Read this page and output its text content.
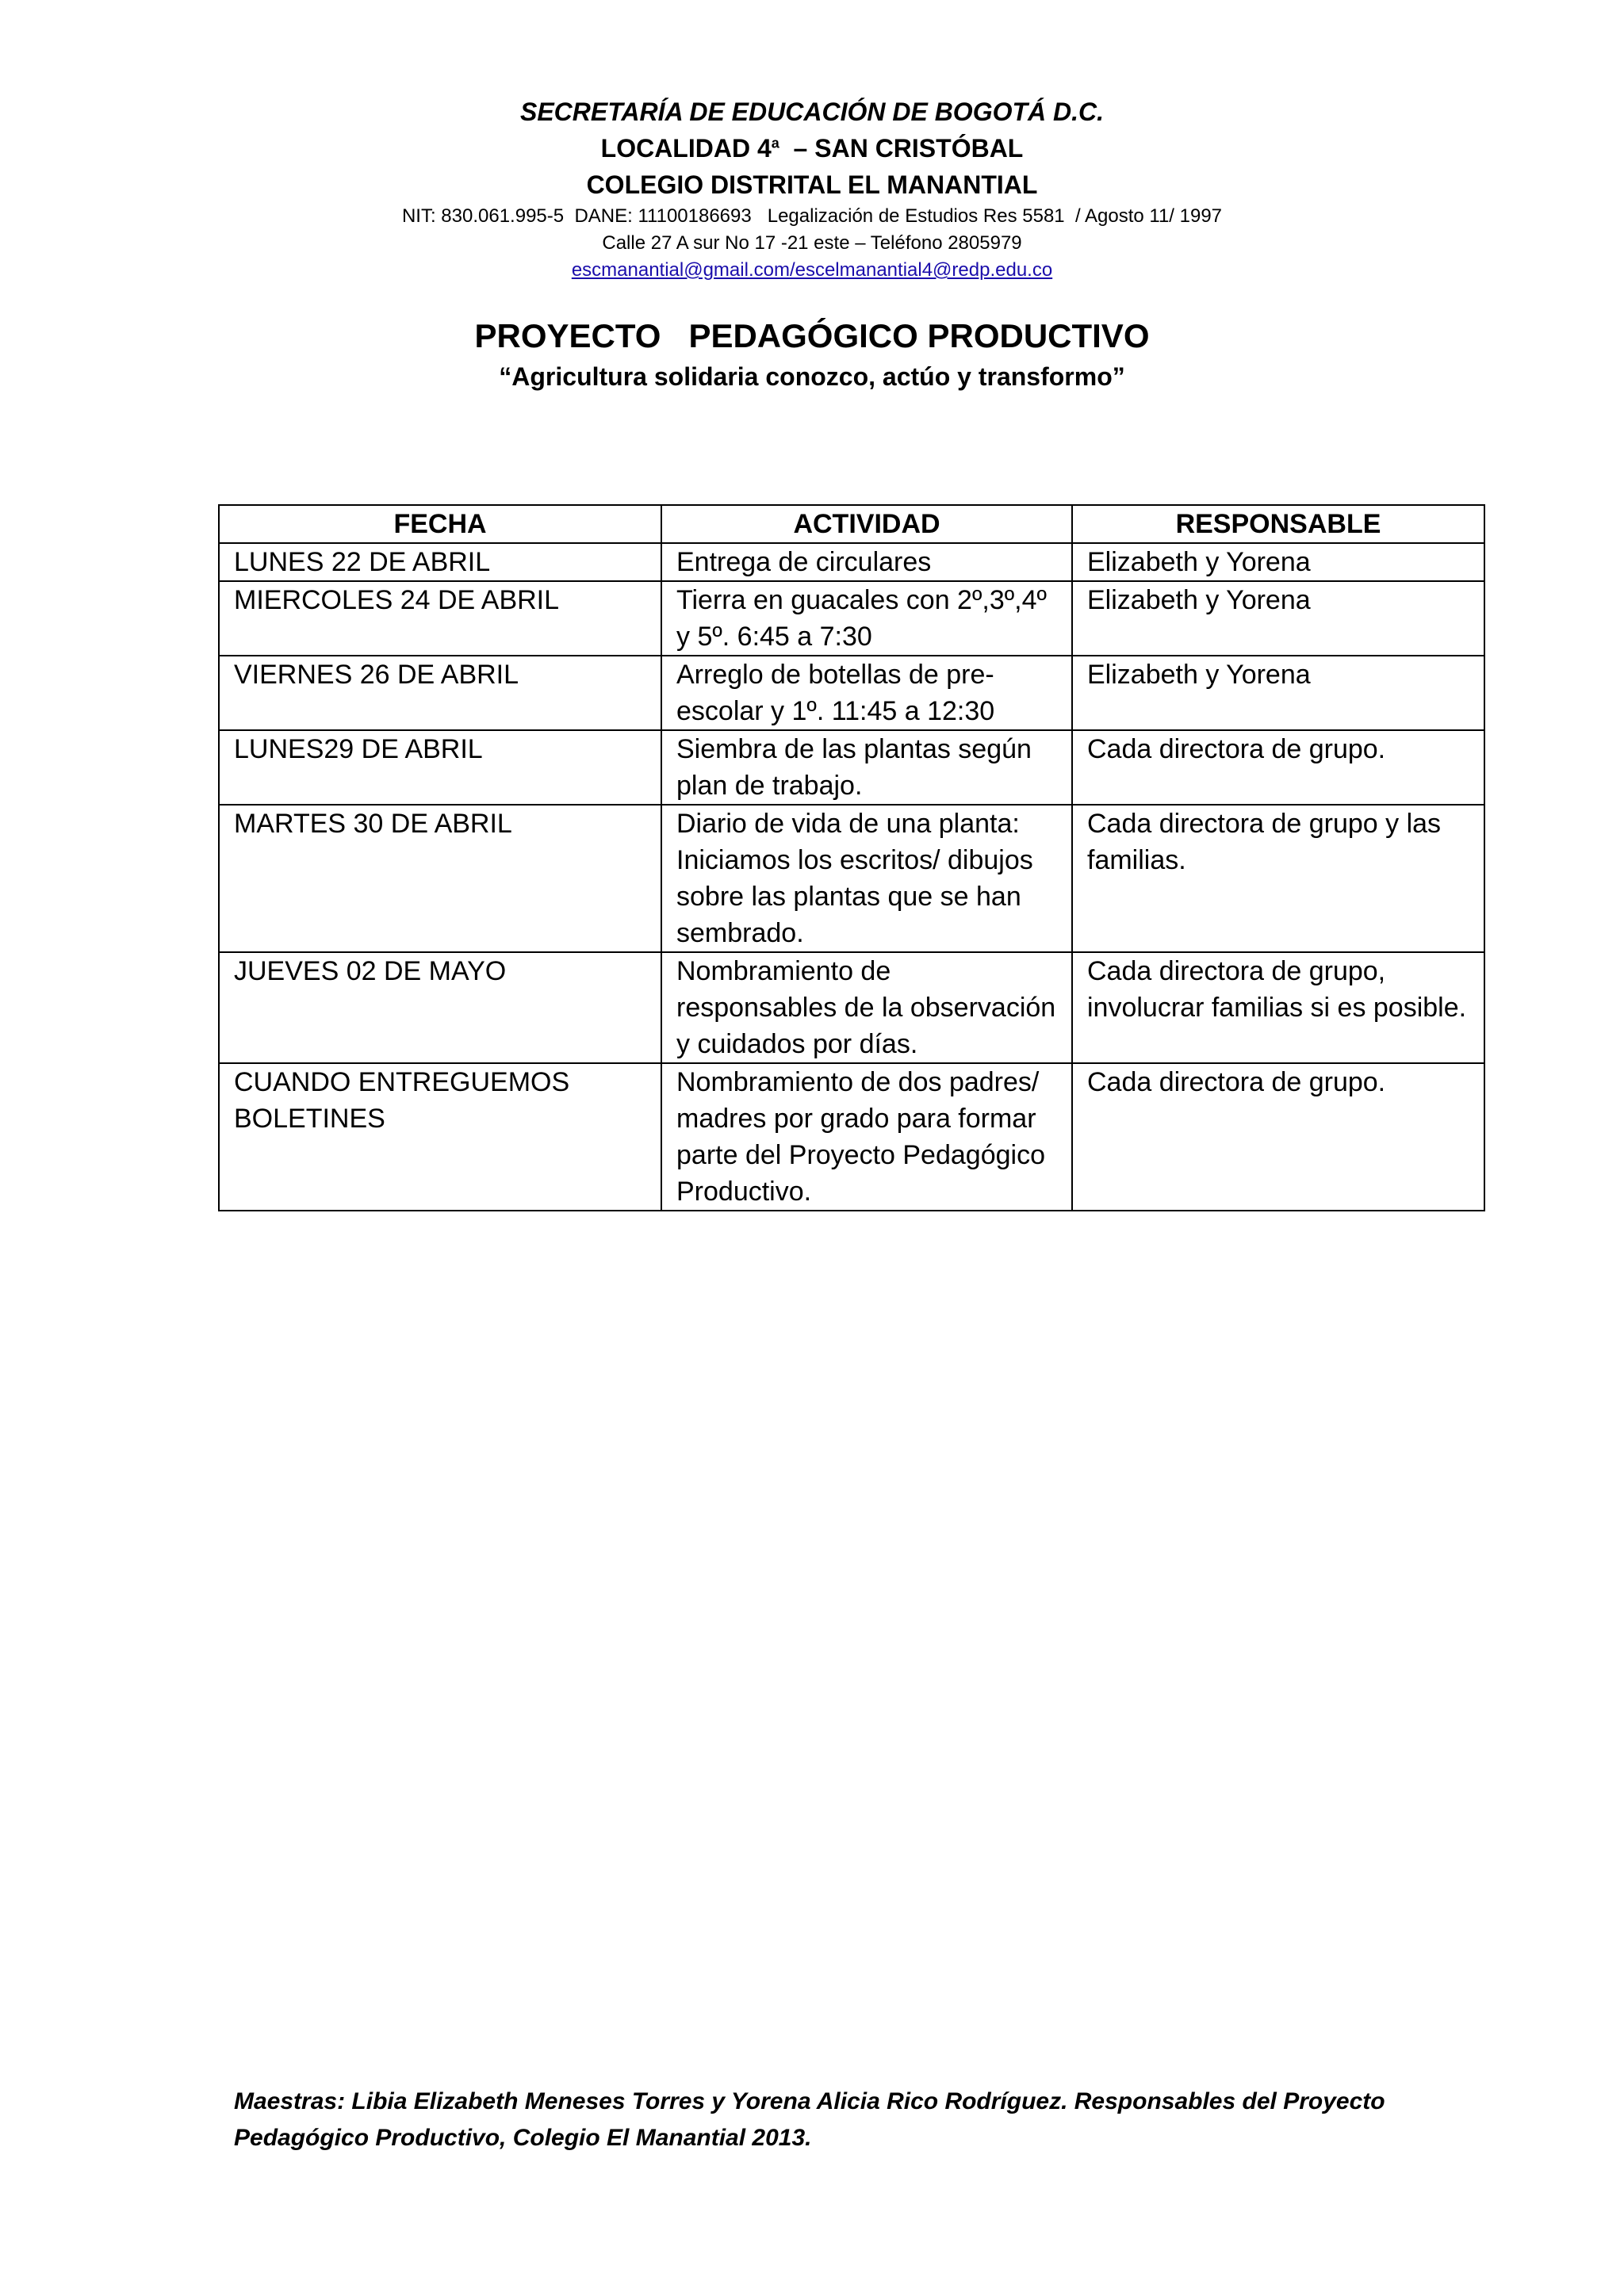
SECRETARÍA DE EDUCACIÓN DE BOGOTÁ D.C.
LOCALIDAD 4$^a$  – SAN CRISTÓBAL
COLEGIO DISTRITAL EL MANANTIAL
NIT: 830.061.995-5  DANE: 11100186693   Legalización de Estudios Res 5581  / Agosto 11/ 1997
Calle 27 A sur No 17 -21 este – Teléfono 2805979
escmanantial@gmail.com/escelmanantial4@redp.edu.co
PROYECTO   PEDAGÓGICO PRODUCTIVO
“Agricultura solidaria conozco, actúo y transformo”
FECHA	ACTIVIDAD	RESPONSABLE
LUNES 22 DE ABRIL	Entrega de circulares	Elizabeth y Yorena
MIERCOLES 24 DE ABRIL	Tierra en guacales con 2º,3º,4º y 5º. 6:45 a 7:30	Elizabeth y Yorena
VIERNES 26 DE ABRIL	Arreglo de botellas de pre-escolar y 1º. 11:45 a 12:30	Elizabeth y Yorena
LUNES29 DE ABRIL	Siembra de las plantas según plan de trabajo.	Cada directora de grupo.
MARTES 30 DE ABRIL	Diario de vida de una planta: Iniciamos los escritos/ dibujos sobre las plantas que se han sembrado.	Cada directora de grupo y las familias.
JUEVES 02 DE MAYO	Nombramiento de responsables de la observación y cuidados por días.	Cada directora de grupo, involucrar familias si es posible.
CUANDO ENTREGUEMOS BOLETINES	Nombramiento de dos padres/ madres por grado para formar parte del Proyecto Pedagógico Productivo.	Cada directora de grupo.
Maestras: Libia Elizabeth Meneses Torres y Yorena Alicia Rico Rodríguez. Responsables del Proyecto Pedagógico Productivo, Colegio El Manantial 2013.
